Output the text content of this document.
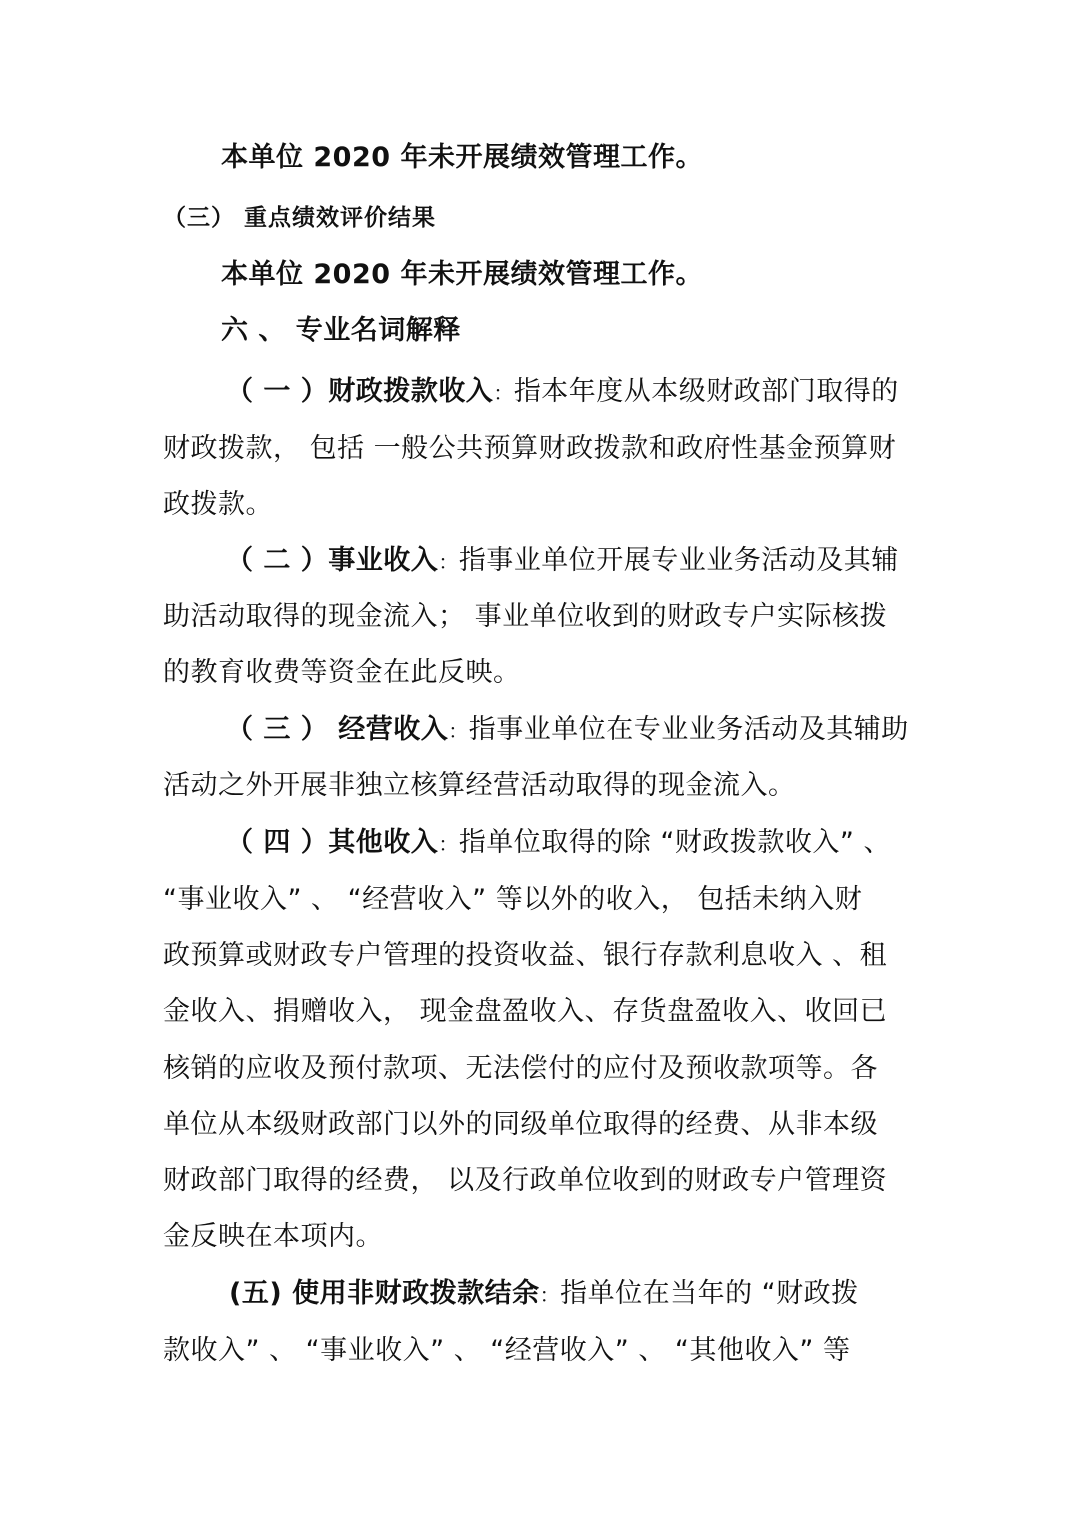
本单位 2020 年未开展绩效管理工作。
（三） 重点绩效评价结果
本单位 2020 年未开展绩效管理工作。
六 、 专业名词解释
（ 一 ）财政拨款收入：指本年度从本级财政部门取得的
财政拨款， 包括 一般公共预算财政拨款和政府性基金预算财
政拨款。
（ 二 ）事业收入：指事业单位开展专业业务活动及其辅
助活动取得的现金流入； 事业单位收到的财政专户实际核拨
的教育收费等资金在此反映。
（ 三 ） 经营收入：指事业单位在专业业务活动及其辅助
活动之外开展非独立核算经营活动取得的现金流入。
（ 四 ）其他收入：指单位取得的除 “财政拨款收入” 、
“事业收入” 、 “经营收入” 等以外的收入， 包括未纳入财
政预算或财政专户管理的投资收益、银行存款利息收入 、租
金收入、捐赠收入， 现金盘盈收入、存货盘盈收入、收回已
核销的应收及预付款项、无法偿付的应付及预收款项等。各
单位从本级财政部门以外的同级单位取得的经费、从非本级
财政部门取得的经费， 以及行政单位收到的财政专户管理资
金反映在本项内。
(五) 使用非财政拨款结余：指单位在当年的 “财政拨
款收入” 、 “事业收入” 、 “经营收入” 、 “其他收入” 等
